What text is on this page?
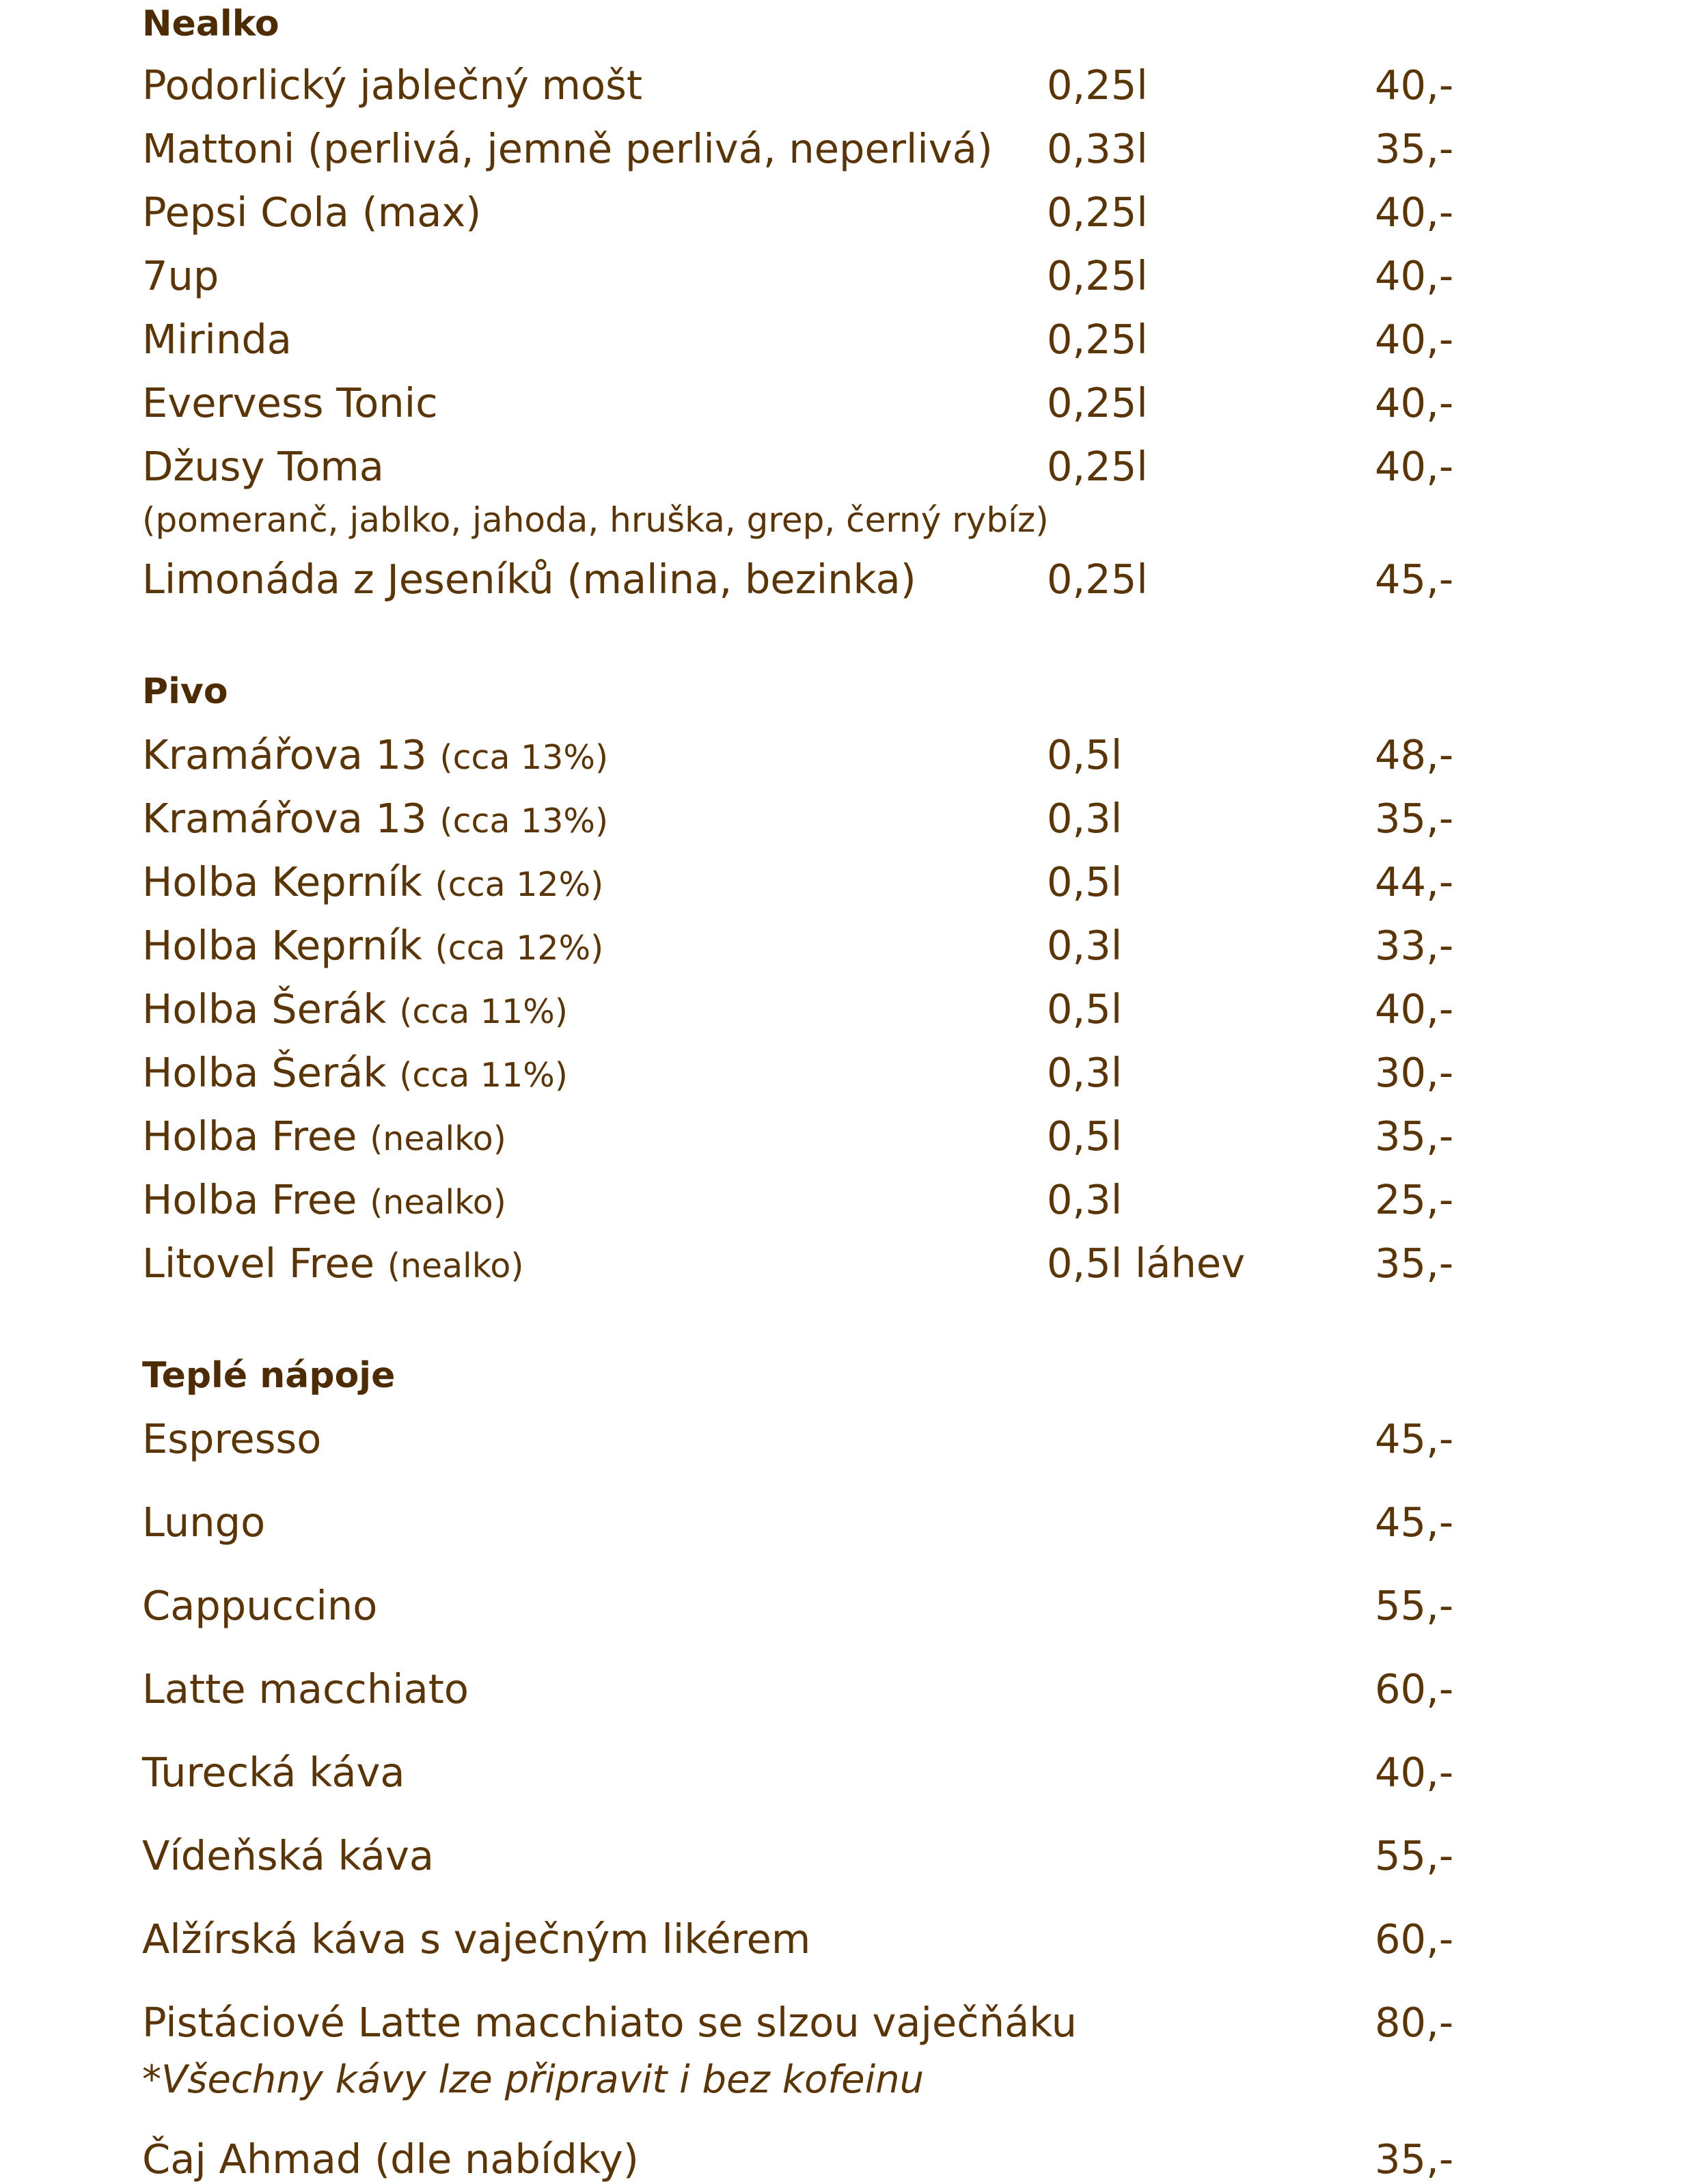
Nealko
Podorlický jablečný mošt	0,25l	40,-
Mattoni (perlivá, jemně perlivá, neperlivá) 0,33l	35,-
Pepsi Cola (max)	0,25l	40,-
7up	0,25l	40,-
Mirinda	0,25l	40,-
Evervess Tonic	0,25l	40,-
Džusy Toma	0,25l	40,-
(pomeranč, jablko, jahoda, hruška, grep, černý rybíz)
Limonáda z Jeseníků (malina, bezinka)	0,25l	45,-
Pivo
Kramářova 13 (cca 13%)	0,5l	48,-
Kramářova 13 (cca 13%)	0,3l	35,-
Holba Keprník (cca 12%)	0,5l	44,-
Holba Keprník (cca 12%)	0,3l	33,-
Holba Šerák (cca 11%)	0,5l	40,-
Holba Šerák (cca 11%)	0,3l	30,-
Holba Free (nealko)	0,5l	35,-
Holba Free (nealko)	0,3l	25,-
Litovel Free (nealko)	0,5l láhev	35,-
Teplé nápoje
Espresso	45,-
Lungo	45,-
Cappuccino	55,-
Latte macchiato	60,-
Turecká káva	40,-
Vídeňská káva	55,-
Alžírská káva s vaječným likérem	60,-
Pistáciové Latte macchiato se slzou vaječňáku	80,-
*Všechny kávy lze připravit i bez kofeinu
Čaj Ahmad (dle nabídky)	35,-
